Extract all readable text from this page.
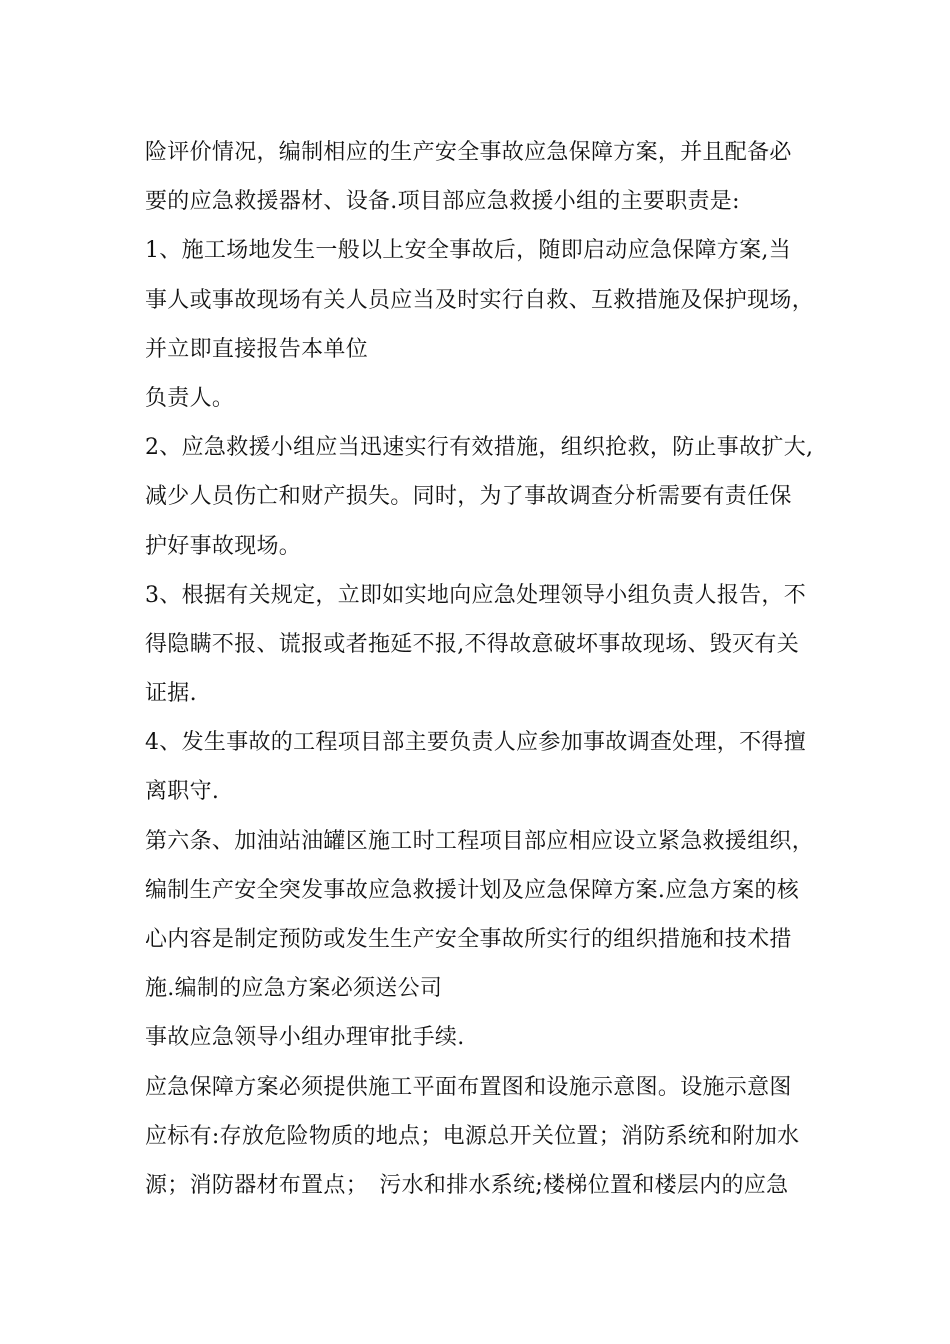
险评价情况，编制相应的生产安全事故应急保障方案，并且配备必
要的应急救援器材、设备.项目部应急救援小组的主要职责是:
1、施工场地发生一般以上安全事故后，随即启动应急保障方案,当
事人或事故现场有关人员应当及时实行自救、互救措施及保护现场，
并立即直接报告本单位
负责人。
2、应急救援小组应当迅速实行有效措施，组织抢救，防止事故扩大,
减少人员伤亡和财产损失。同时，为了事故调查分析需要有责任保
护好事故现场。
3、根据有关规定，立即如实地向应急处理领导小组负责人报告，不
得隐瞒不报、谎报或者拖延不报,不得故意破坏事故现场、毁灭有关
证据.
4、发生事故的工程项目部主要负责人应参加事故调查处理，不得擅
离职守.
第六条、加油站油罐区施工时工程项目部应相应设立紧急救援组织，
编制生产安全突发事故应急救援计划及应急保障方案.应急方案的核
心内容是制定预防或发生生产安全事故所实行的组织措施和技术措
施.编制的应急方案必须送公司
事故应急领导小组办理审批手续.
应急保障方案必须提供施工平面布置图和设施示意图。设施示意图
应标有:存放危险物质的地点；电源总开关位置；消防系统和附加水
源；消防器材布置点；　污水和排水系统;楼梯位置和楼层内的应急
